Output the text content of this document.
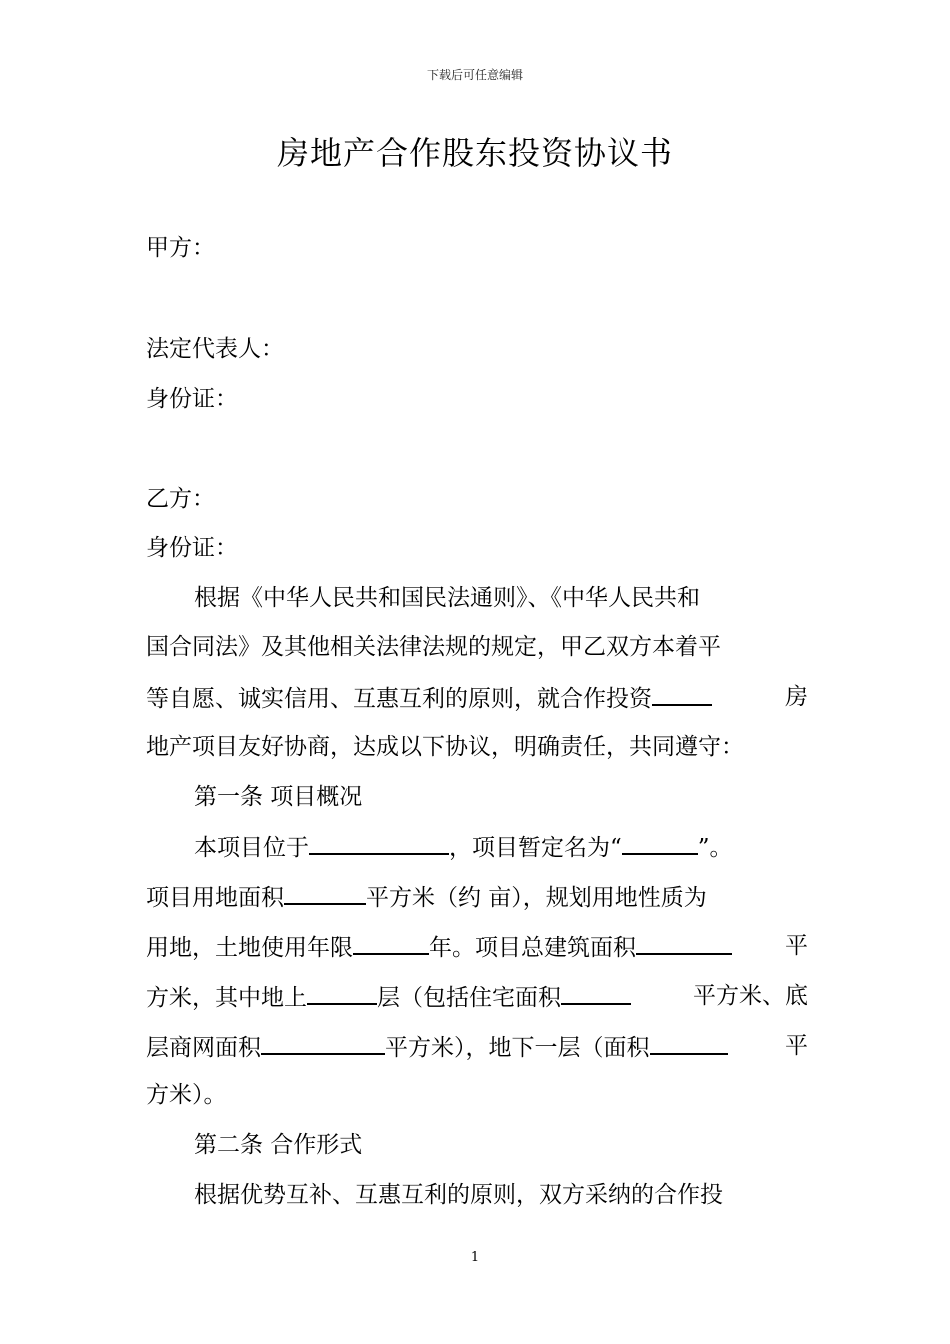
下载后可任意编辑
房地产合作股东投资协议书
甲方：
法定代表人：
身份证：
乙方：
身份证：
根据《中华人民共和国民法通则》、《中华人民共和
国合同法》及其他相关法律法规的规定，甲乙双方本着平
等自愿、诚实信用、互惠互利的原则，就合作投资	房
地产项目友好协商，达成以下协议，明确责任，共同遵守：
第一条 项目概况
本项目位于	，项目暂定名为“	”。
项目用地面积	平方米（约 亩），规划用地性质为
用地，土地使用年限	年。项目总建筑面积	平
方米，其中地上	层（包括住宅面积	平方米、底
层商网面积	平方米），地下一层（面积	平
方米）。
第二条 合作形式
根据优势互补、互惠互利的原则，双方采纳的合作投
1
